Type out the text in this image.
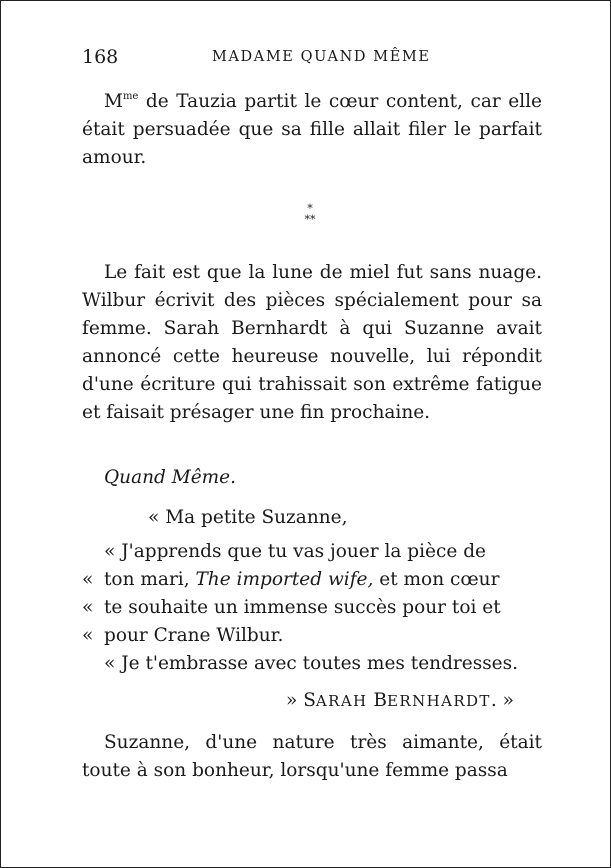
168	MADAME QUAND MÊME

$M^{me}$ de Tauzia partit le cœur content, car elle était persuadée que sa fille allait filer le parfait amour.

*
**

Le fait est que la lune de miel fut sans nuage. Wilbur écrivit des pièces spécialement pour sa femme. Sarah Bernhardt à qui Suzanne avait annoncé cette heureuse nouvelle, lui répondit d'une écriture qui trahissait son extrême fatigue et faisait présager une fin prochaine.

Quand Même.
« Ma petite Suzanne,
« J'apprends que tu vas jouer la pièce de
« ton mari, The imported wife, et mon cœur
« te souhaite un immense succès pour toi et
« pour Crane Wilbur.
« Je t'embrasse avec toutes mes tendresses.
» SARAH BERNHARDT. »

Suzanne, d'une nature très aimante, était toute à son bonheur, lorsqu'une femme passa
